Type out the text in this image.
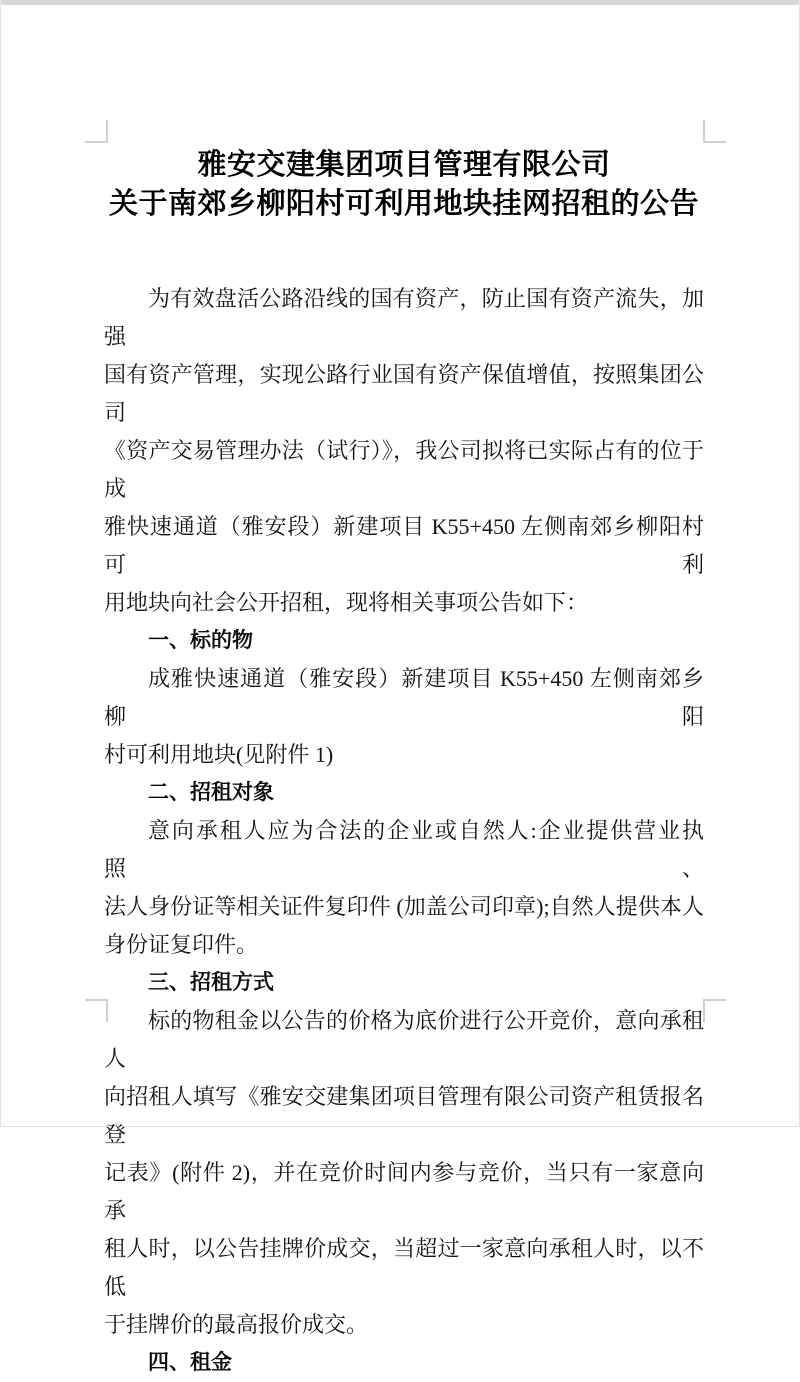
雅安交建集团项目管理有限公司
关于南郊乡柳阳村可利用地块挂网招租的公告
为有效盘活公路沿线的国有资产，防止国有资产流失，加强
国有资产管理，实现公路行业国有资产保值增值，按照集团公司
《资产交易管理办法（试行）》，我公司拟将已实际占有的位于成
雅快速通道（雅安段）新建项目 K55+450 左侧南郊乡柳阳村可利
用地块向社会公开招租，现将相关事项公告如下：
一、标的物
成雅快速通道（雅安段）新建项目 K55+450 左侧南郊乡柳阳
村可利用地块(见附件 1)
二、招租对象
意向承租人应为合法的企业或自然人:企业提供营业执照、
法人身份证等相关证件复印件 (加盖公司印章);自然人提供本人
身份证复印件。
三、招租方式
标的物租金以公告的价格为底价进行公开竞价，意向承租人
向招租人填写《雅安交建集团项目管理有限公司资产租赁报名登
记表》(附件 2)，并在竞价时间内参与竞价，当只有一家意向承
租人时，以公告挂牌价成交，当超过一家意向承租人时，以不低
于挂牌价的最高报价成交。
四、租金
